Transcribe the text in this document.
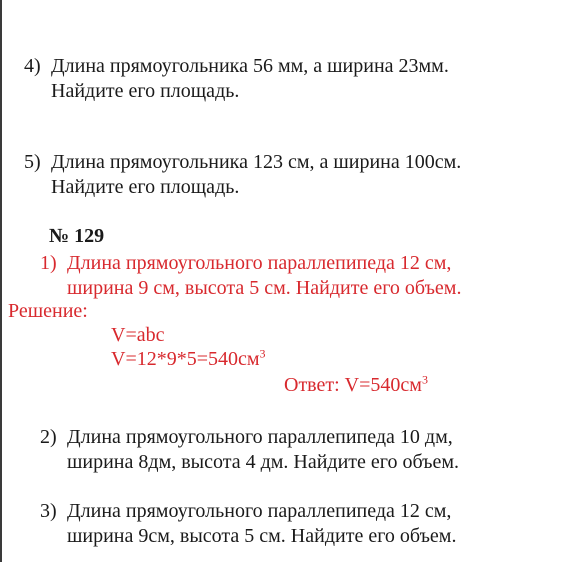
4) Длина прямоугольника 56 мм, а ширина 23мм.
Найдите его площадь.
5) Длина прямоугольника 123 см, а ширина 100см.
Найдите его площадь.
№ 129
1) Длина прямоугольного параллепипеда 12 см,
ширина 9 см, высота 5 см. Найдите его объем.
Решение:
V=abc
$V=12*9*5=540см^3$
Ответ: $V=540см^3$
2) Длина прямоугольного параллепипеда 10 дм,
ширина 8дм, высота 4 дм. Найдите его объем.
3) Длина прямоугольного параллепипеда 12 см,
ширина 9см, высота 5 см. Найдите его объем.
